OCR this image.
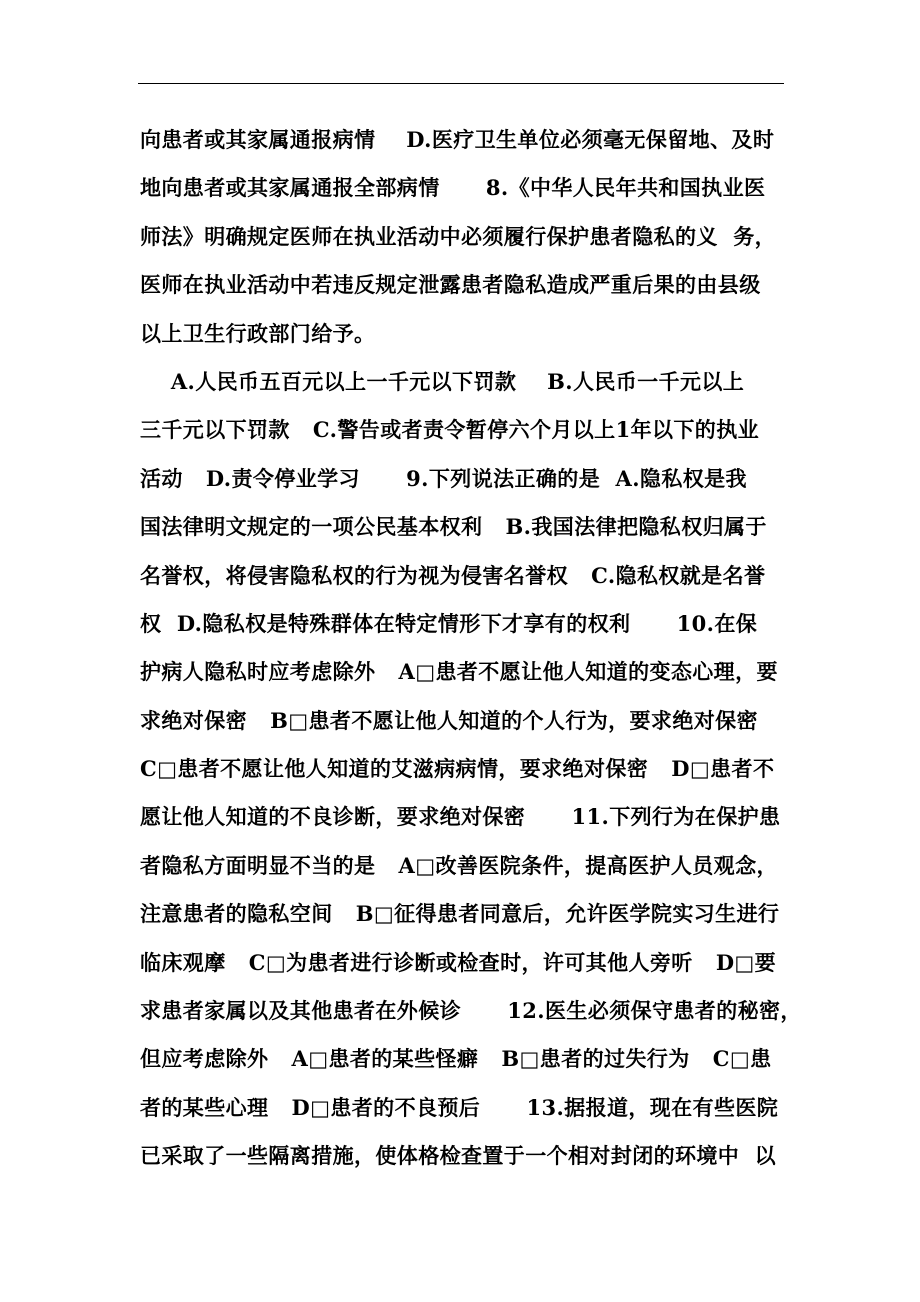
向患者或其家属通报病情    D.医疗卫生单位必须毫无保留地、及时
地向患者或其家属通报全部病情      8.《中华人民年共和国执业医
师法》明确规定医师在执业活动中必须履行保护患者隐私的义  务，
医师在执业活动中若违反规定泄露患者隐私造成严重后果的由县级
以上卫生行政部门给予。
A.人民币五百元以上一千元以下罚款    B.人民币一千元以上
三千元以下罚款   C.警告或者责令暂停六个月以上1年以下的执业
活动   D.责令停业学习      9.下列说法正确的是  A.隐私权是我
国法律明文规定的一项公民基本权利   B.我国法律把隐私权归属于
名誉权，将侵害隐私权的行为视为侵害名誉权   C.隐私权就是名誉
权  D.隐私权是特殊群体在特定情形下才享有的权利      10.在保
护病人隐私时应考虑除外   A□患者不愿让他人知道的变态心理，要
求绝对保密   B□患者不愿让他人知道的个人行为，要求绝对保密
C□患者不愿让他人知道的艾滋病病情，要求绝对保密   D□患者不
愿让他人知道的不良诊断，要求绝对保密      11.下列行为在保护患
者隐私方面明显不当的是   A□改善医院条件，提高医护人员观念，
注意患者的隐私空间   B□征得患者同意后，允许医学院实习生进行
临床观摩   C□为患者进行诊断或检查时，许可其他人旁听   D□要
求患者家属以及其他患者在外候诊      12.医生必须保守患者的秘密，
但应考虑除外   A□患者的某些怪癖   B□患者的过失行为   C□患
者的某些心理   D□患者的不良预后      13.据报道，现在有些医院
已采取了一些隔离措施，使体格检查置于一个相对封闭的环境中  以
